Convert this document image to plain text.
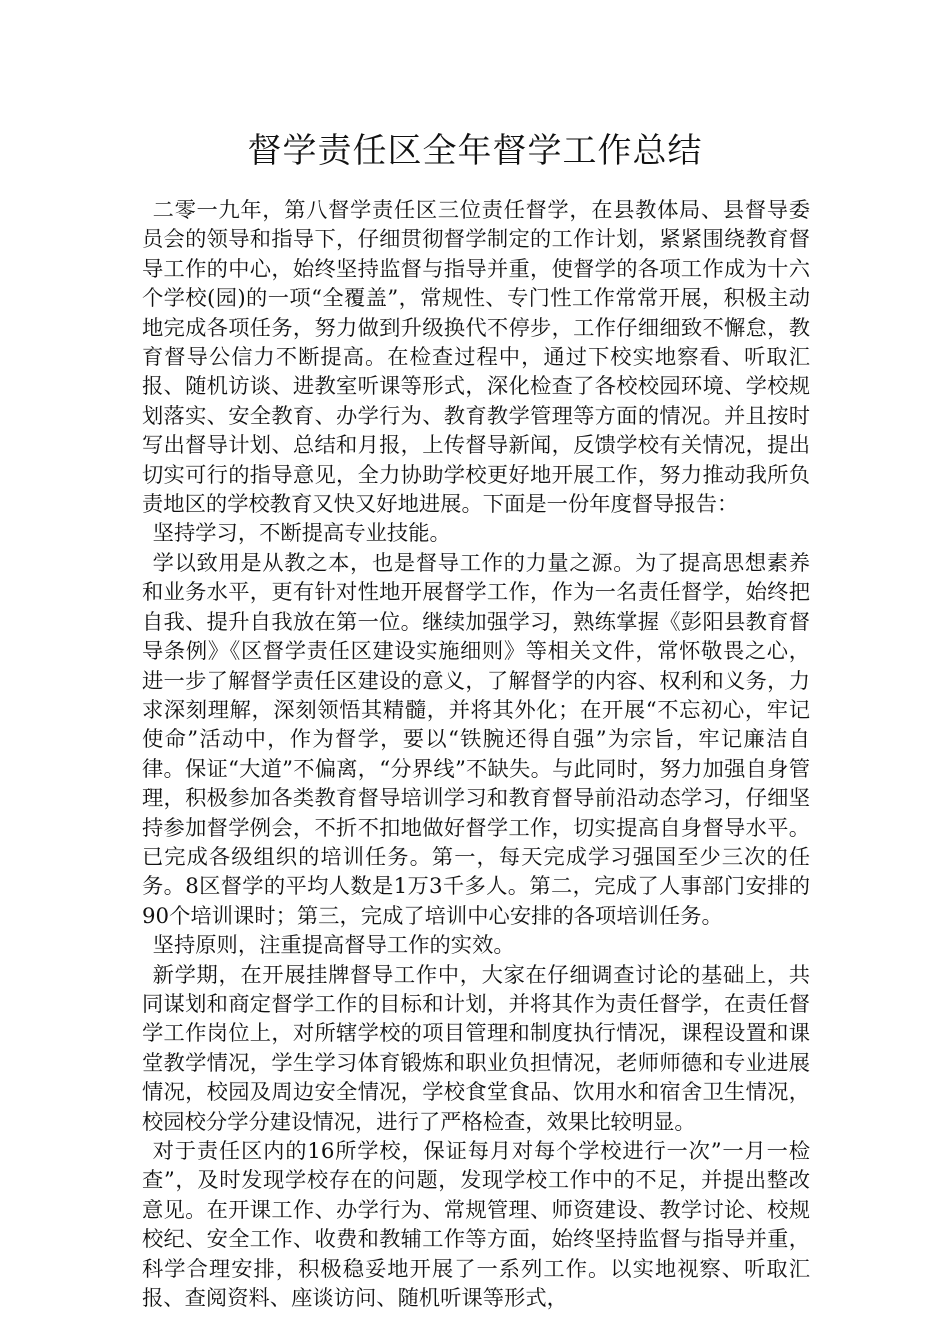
督学责任区全年督学工作总结

二零一九年，第八督学责任区三位责任督学，在县教体局、县督导委员会的领导和指导下，仔细贯彻督学制定的工作计划，紧紧围绕教育督导工作的中心，始终坚持监督与指导并重，使督学的各项工作成为十六个学校(园)的一项“全覆盖”，常规性、专门性工作常常开展，积极主动地完成各项任务，努力做到升级换代不停步，工作仔细细致不懈怠，教育督导公信力不断提高。在检查过程中，通过下校实地察看、听取汇报、随机访谈、进教室听课等形式，深化检查了各校校园环境、学校规划落实、安全教育、办学行为、教育教学管理等方面的情况。并且按时写出督导计划、总结和月报，上传督导新闻，反馈学校有关情况，提出切实可行的指导意见，全力协助学校更好地开展工作，努力推动我所负责地区的学校教育又快又好地进展。下面是一份年度督导报告：

坚持学习，不断提高专业技能。

学以致用是从教之本，也是督导工作的力量之源。为了提高思想素养和业务水平，更有针对性地开展督学工作，作为一名责任督学，始终把自我、提升自我放在第一位。继续加强学习，熟练掌握《彭阳县教育督导条例》《区督学责任区建设实施细则》等相关文件，常怀敬畏之心，进一步了解督学责任区建设的意义，了解督学的内容、权利和义务，力求深刻理解，深刻领悟其精髓，并将其外化；在开展“不忘初心，牢记使命”活动中，作为督学，要以“铁腕还得自强”为宗旨，牢记廉洁自律。保证“大道”不偏离，“分界线”不缺失。与此同时，努力加强自身管理，积极参加各类教育督导培训学习和教育督导前沿动态学习，仔细坚持参加督学例会，不折不扣地做好督学工作，切实提高自身督导水平。已完成各级组织的培训任务。第一，每天完成学习强国至少三次的任务。8区督学的平均人数是1万3千多人。第二，完成了人事部门安排的90个培训课时；第三，完成了培训中心安排的各项培训任务。

坚持原则，注重提高督导工作的实效。

新学期，在开展挂牌督导工作中，大家在仔细调查讨论的基础上，共同谋划和商定督学工作的目标和计划，并将其作为责任督学，在责任督学工作岗位上，对所辖学校的项目管理和制度执行情况，课程设置和课堂教学情况，学生学习体育锻炼和职业负担情况，老师师德和专业进展情况，校园及周边安全情况，学校食堂食品、饮用水和宿舍卫生情况，校园校分学分建设情况，进行了严格检查，效果比较明显。

对于责任区内的16所学校，保证每月对每个学校进行一次”一月一检查”，及时发现学校存在的问题，发现学校工作中的不足，并提出整改意见。在开课工作、办学行为、常规管理、师资建设、教学讨论、校规校纪、安全工作、收费和教辅工作等方面，始终坚持监督与指导并重，科学合理安排，积极稳妥地开展了一系列工作。以实地视察、听取汇报、查阅资料、座谈访问、随机听课等形式，
